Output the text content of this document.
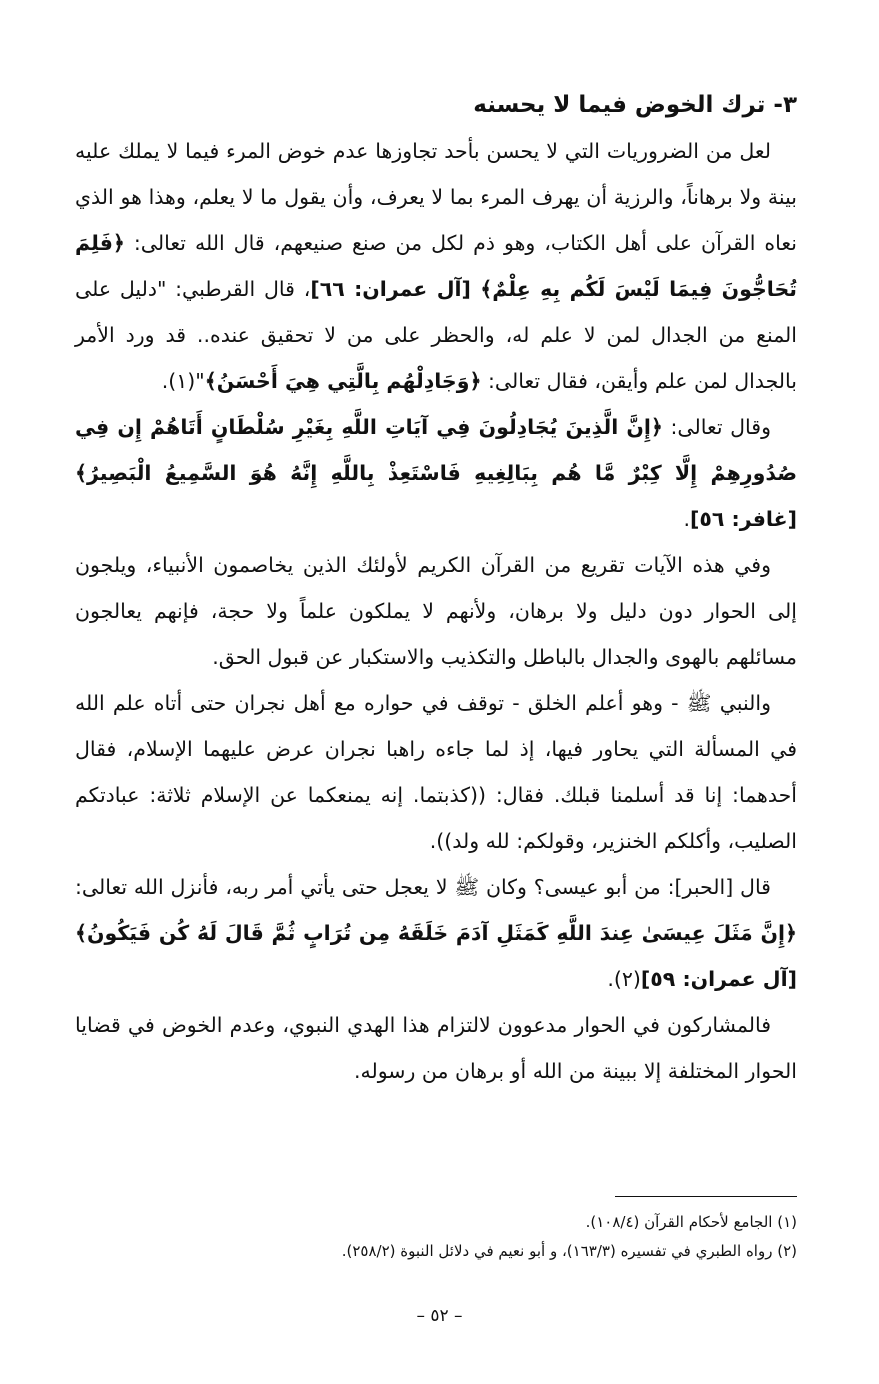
٣- ترك الخوض فيما لا يحسنه

لعل من الضروريات التي لا يحسن بأحد تجاوزها عدم خوض المرء فيما لا يملك عليه بينة ولا برهاناً، والرزية أن يهرف المرء بما لا يعرف، وأن يقول ما لا يعلم، وهذا هو الذي نعاه القرآن على أهل الكتاب، وهو ذم لكل من صنع صنيعهم، قال الله تعالى: ﴿فَلِمَ تُحَاجُّونَ فِيمَا لَيْسَ لَكُم بِهِ عِلْمٌ﴾ [آل عمران: ٦٦]، قال القرطبي: "دليل على المنع من الجدال لمن لا علم له، والحظر على من لا تحقيق عنده.. قد ورد الأمر بالجدال لمن علم وأيقن، فقال تعالى: ﴿وَجَادِلْهُم بِالَّتِي هِيَ أَحْسَنُ﴾"(١).

وقال تعالى: ﴿إِنَّ الَّذِينَ يُجَادِلُونَ فِي آيَاتِ اللَّهِ بِغَيْرِ سُلْطَانٍ أَتَاهُمْ إِن فِي صُدُورِهِمْ إِلَّا كِبْرٌ مَّا هُم بِبَالِغِيهِ فَاسْتَعِذْ بِاللَّهِ إِنَّهُ هُوَ السَّمِيعُ الْبَصِيرُ﴾ [غافر: ٥٦].

وفي هذه الآيات تقريع من القرآن الكريم لأولئك الذين يخاصمون الأنبياء، ويلجون إلى الحوار دون دليل ولا برهان، ولأنهم لا يملكون علماً ولا حجة، فإنهم يعالجون مسائلهم بالهوى والجدال بالباطل والتكذيب والاستكبار عن قبول الحق.

والنبي ﷺ - وهو أعلم الخلق - توقف في حواره مع أهل نجران حتى أتاه علم الله في المسألة التي يحاور فيها، إذ لما جاءه راهبا نجران عرض عليهما الإسلام، فقال أحدهما: إنا قد أسلمنا قبلك. فقال: ((كذبتما. إنه يمنعكما عن الإسلام ثلاثة: عبادتكم الصليب، وأكلكم الخنزير، وقولكم: لله ولد)).

قال [الحبر]: من أبو عيسى؟ وكان ﷺ لا يعجل حتى يأتي أمر ربه، فأنزل الله تعالى: ﴿إِنَّ مَثَلَ عِيسَىٰ عِندَ اللَّهِ كَمَثَلِ آدَمَ خَلَقَهُ مِن تُرَابٍ ثُمَّ قَالَ لَهُ كُن فَيَكُونُ﴾ [آل عمران: ٥٩](٢).

فالمشاركون في الحوار مدعوون لالتزام هذا الهدي النبوي، وعدم الخوض في قضايا الحوار المختلفة إلا ببينة من الله أو برهان من رسوله.

(١) الجامع لأحكام القرآن (١٠٨/٤).

(٢) رواه الطبري في تفسيره (١٦٣/٣)، و أبو نعيم في دلائل النبوة (٢٥٨/٢).

– ٥٢ –
